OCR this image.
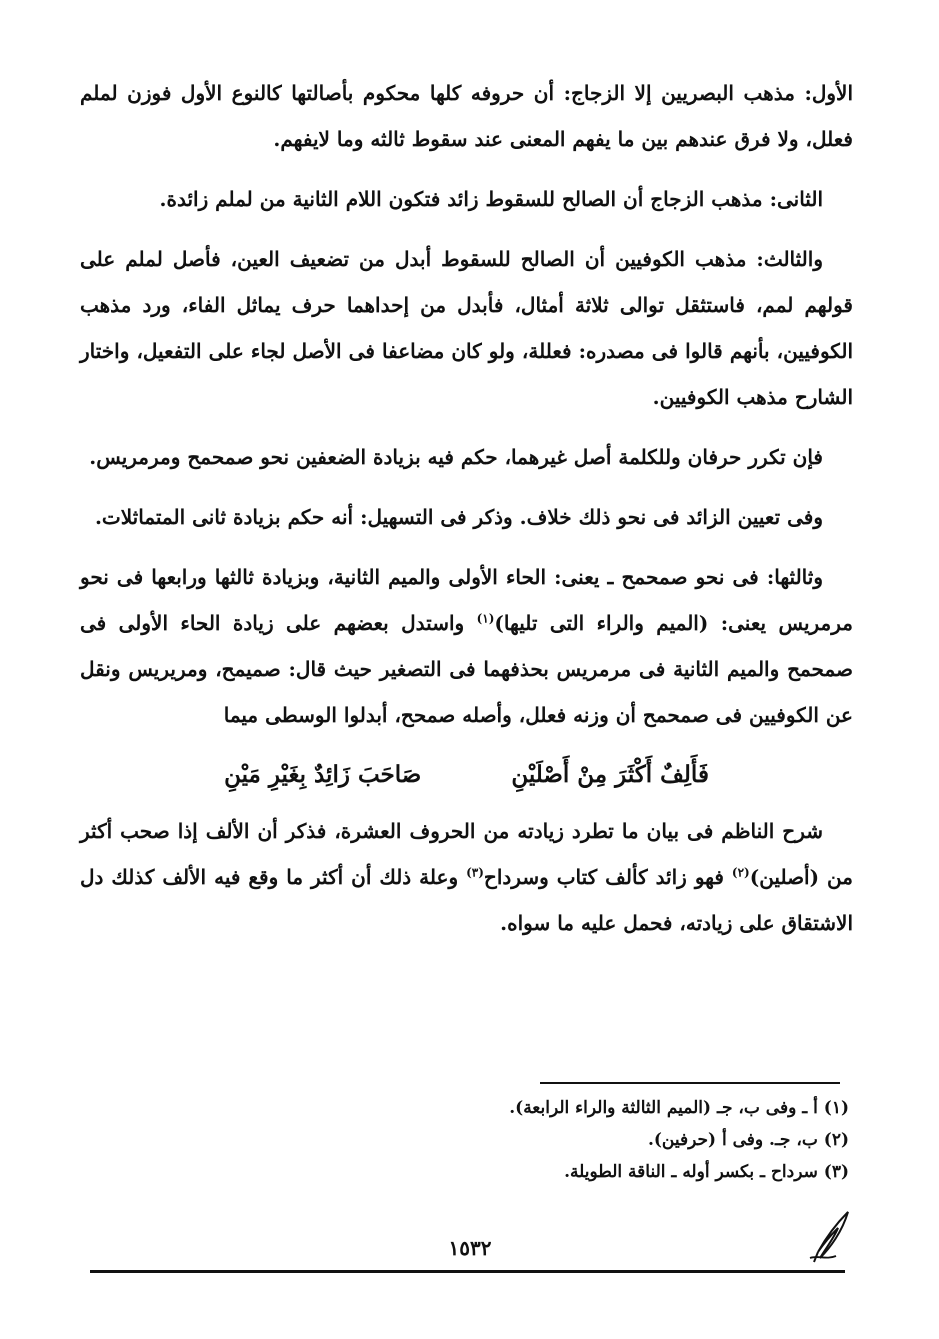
الأول: مذهب البصريين إلا الزجاج: أن حروفه كلها محكوم بأصالتها كالنوع الأول فوزن لملم فعلل، ولا فرق عندهم بين ما يفهم المعنى عند سقوط ثالثه وما لايفهم.

الثانى: مذهب الزجاج أن الصالح للسقوط زائد فتكون اللام الثانية من لملم زائدة.

والثالث: مذهب الكوفيين أن الصالح للسقوط أبدل من تضعيف العين، فأصل لملم على قولهم لمم، فاستثقل توالى ثلاثة أمثال، فأبدل من إحداهما حرف يماثل الفاء، ورد مذهب الكوفيين، بأنهم قالوا فى مصدره: فعللة، ولو كان مضاعفا فى الأصل لجاء على التفعيل، واختار الشارح مذهب الكوفيين.

فإن تكرر حرفان وللكلمة أصل غيرهما، حكم فيه بزيادة الضعفين نحو صمحمح ومرمريس.

وفى تعيين الزائد فى نحو ذلك خلاف. وذكر فى التسهيل: أنه حكم بزيادة ثانى المتماثلات.

وثالثها: فى نحو صمحمح ـ يعنى: الحاء الأولى والميم الثانية، وبزيادة ثالثها ورابعها فى نحو مرمريس يعنى: (الميم والراء التى تليها)$^{(١)}$ واستدل بعضهم على زيادة الحاء الأولى فى صمحمح والميم الثانية فى مرمريس بحذفهما فى التصغير حيث قال: صميمح، ومريريس ونقل عن الكوفيين فى صمحمح أن وزنه فعلل، وأصله صمحح، أبدلوا الوسطى ميما

فَأَلِفٌ أَكْثَرَ مِنْ أَصْلَيْنِ
صَاحَبَ زَائِدٌ بِغَيْرِ مَيْنِ

شرح الناظم فى بيان ما تطرد زيادته من الحروف العشرة، فذكر أن الألف إذا صحب أكثر من (أصلين)$^{(٢)}$ فهو زائد كألف كتاب وسرداح$^{(٣)}$ وعلة ذلك أن أكثر ما وقع فيه الألف كذلك دل الاشتقاق على زيادته، فحمل عليه ما سواه.

(١) أ ـ وفى ب، جـ (الميم الثالثة والراء الرابعة).

(٢) ب، جـ. وفى أ (حرفين).

(٣) سرداح ـ بكسر أوله ـ الناقة الطويلة.

١٥٣٢
